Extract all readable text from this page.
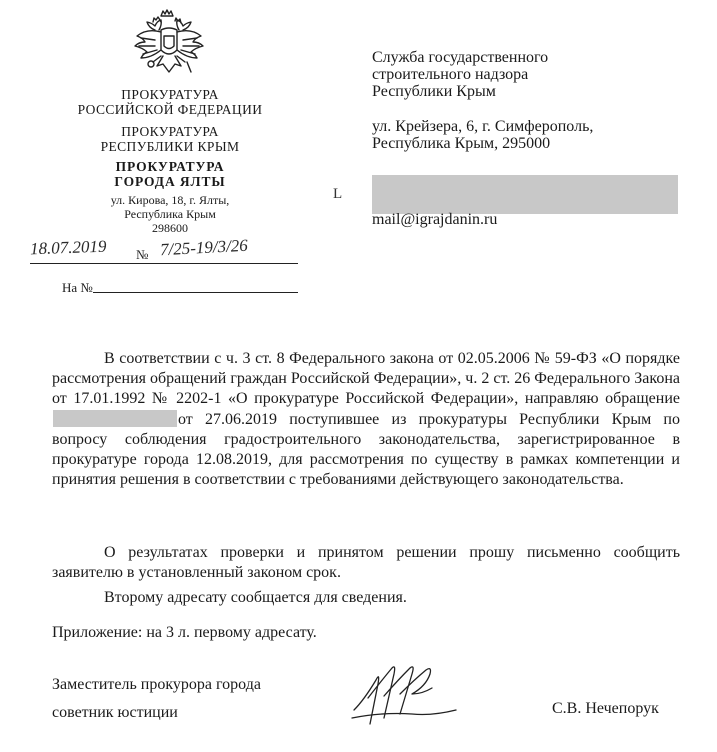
ПРОКУРАТУРА
РОССИЙСКОЙ ФЕДЕРАЦИИ
ПРОКУРАТУРА
РЕСПУБЛИКИ КРЫМ
ПРОКУРАТУРА
ГОРОДА ЯЛТЫ
ул. Кирова, 18, г. Ялты,
Республика Крым
298600
18.07.2019 № 7/25-19/3/26
На №
Служба государственного
строительного надзора
Республики Крым
ул. Крейзера, 6, г. Симферополь,
Республика Крым, 295000
L
mail@igrajdanin.ru

В соответствии с ч. 3 ст. 8 Федерального закона от 02.05.2006 № 59-ФЗ «О порядке рассмотрения обращений граждан Российской Федерации», ч. 2 ст. 26 Федерального Закона от 17.01.1992 № 2202-1 «О прокуратуре Российской Федерации», направляю обращение от 27.06.2019 поступившее из прокуратуры Республики Крым по вопросу соблюдения градостроительного законодательства, зарегистрированное в прокуратуре города 12.08.2019, для рассмотрения по существу в рамках компетенции и принятия решения в соответствии с требованиями действующего законодательства.

О результатах проверки и принятом решении прошу письменно сообщить заявителю в установленный законом срок.

Второму адресату сообщается для сведения.

Приложение: на 3 л. первому адресату.
Заместитель прокурора города
советник юстиции	С.В. Нечепорук
